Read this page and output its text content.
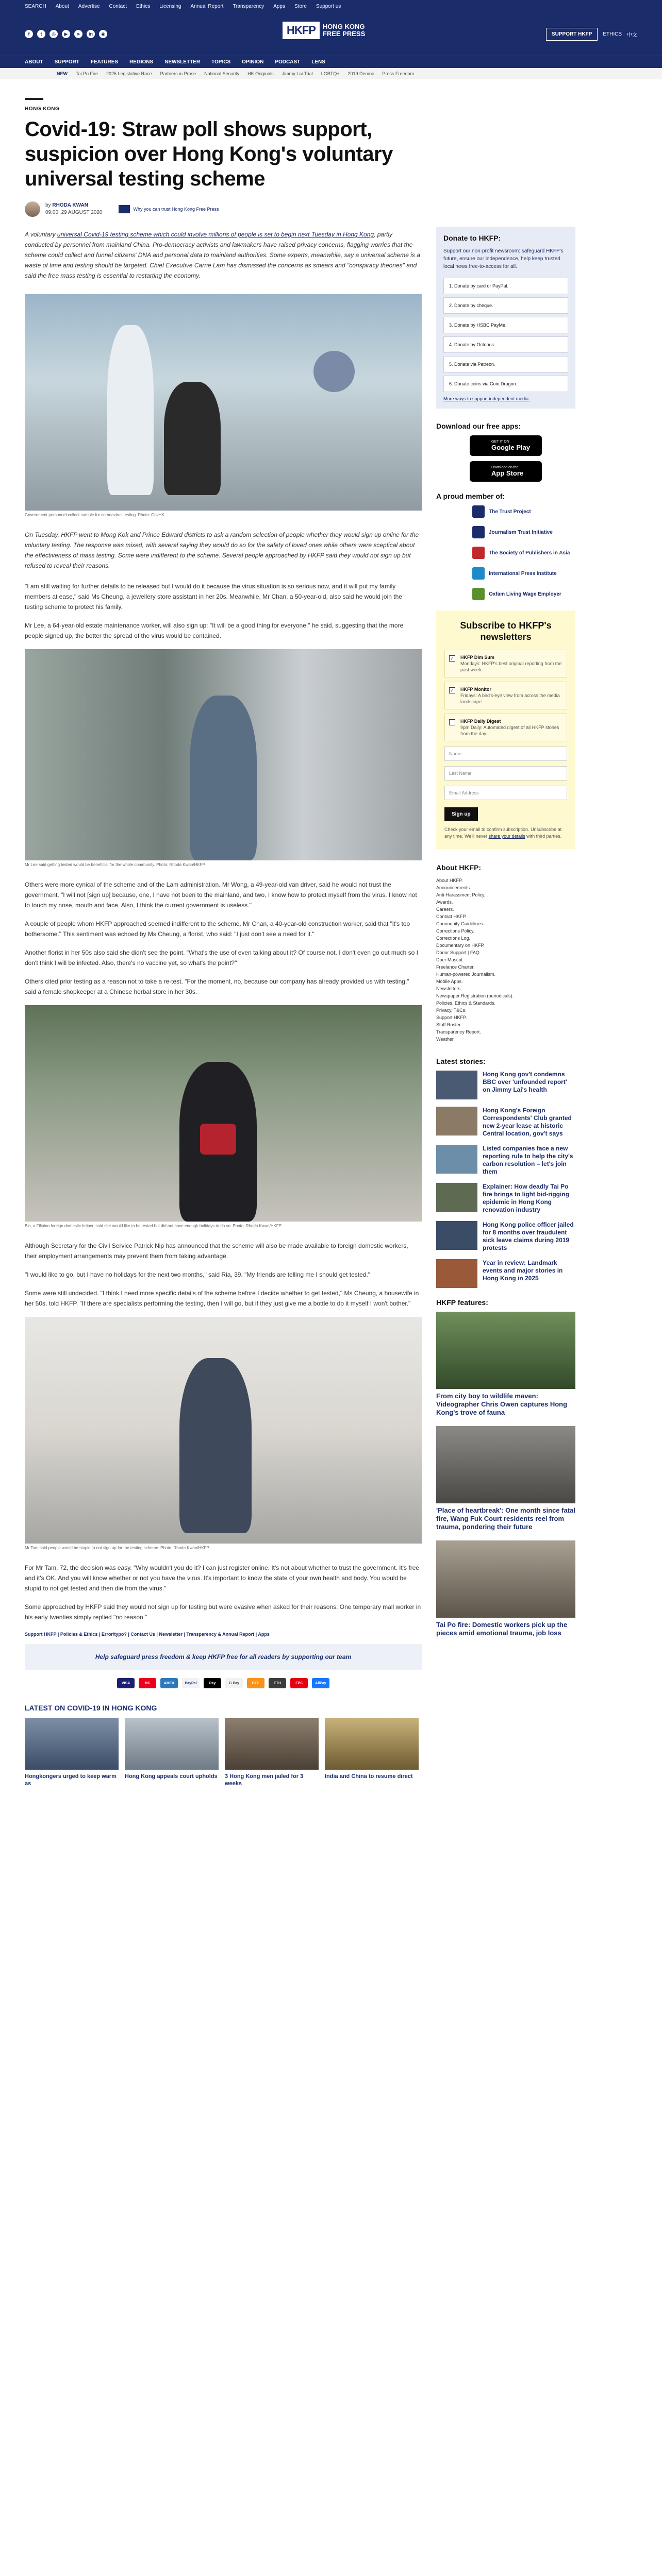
SEARCH About Advertise Contact Ethics Licensing Annual Report Transparency Apps Store Support us
f	t	◎	▶	➤	in	◉	HKFP	HONG KONG
FREE PRESS	SUPPORT HKFP	ETHICS 中文
ABOUT SUPPORT FEATURES REGIONS NEWSLETTER TOPICS OPINION PODCAST LENS
NEW Tai Po Fire 2025 Legislative Race Partners in Prose National Security HK Originals Jimmy Lai Trial LGBTQ+ 2019 Democ Press Freedom
HONG KONG
Covid-19: Straw poll shows support, suspicion over Hong Kong's voluntary universal testing scheme
by RHODA KWAN
09:00, 29 AUGUST 2020
Why you can trust Hong Kong Free Press

A voluntary universal Covid-19 testing scheme which could involve millions of people is set to begin next Tuesday in Hong Kong, partly conducted by personnel from mainland China. Pro-democracy activists and lawmakers have raised privacy concerns, flagging worries that the scheme could collect and funnel citizens' DNA and personal data to mainland authorities. Some experts, meanwhile, say a universal scheme is a waste of time and testing should be targeted. Chief Executive Carrie Lam has dismissed the concerns as smears and "conspiracy theories" and said the free mass testing is essential to restarting the economy.

Government personnel collect sample for coronavirus testing. Photo: GovHK.

On Tuesday, HKFP went to Mong Kok and Prince Edward districts to ask a random selection of people whether they would sign up online for the voluntary testing. The response was mixed, with several saying they would do so for the safety of loved ones while others were sceptical about the effectiveness of mass testing. Some were indifferent to the scheme. Several people approached by HKFP said they would not sign up but refused to reveal their reasons.

"I am still waiting for further details to be released but I would do it because the virus situation is so serious now, and it will put my family members at ease," said Ms Cheung, a jewellery store assistant in her 20s. Meanwhile, Mr Chan, a 50-year-old, also said he would join the testing scheme to protect his family.

Mr Lee, a 64-year-old estate maintenance worker, will also sign up: "It will be a good thing for everyone," he said, suggesting that the more people signed up, the better the spread of the virus would be contained.

Mr Lee said getting tested would be beneficial for the whole community. Photo: Rhoda Kwan/HKFP.

Others were more cynical of the scheme and of the Lam administration. Mr Wong, a 49-year-old van driver, said he would not trust the government. "I will not [sign up] because, one, I have not been to the mainland, and two, I know how to protect myself from the virus. I know not to touch my nose, mouth and face. Also, I think the current government is useless."

A couple of people whom HKFP approached seemed indifferent to the scheme. Mr Chan, a 40-year-old construction worker, said that "it's too bothersome." This sentiment was echoed by Ms Cheung, a florist, who said: "I just don't see a need for it."

Another florist in her 50s also said she didn't see the point. "What's the use of even talking about it? Of course not. I don't even go out much so I don't think I will be infected. Also, there's no vaccine yet, so what's the point?"

Others cited prior testing as a reason not to take a re-test. "For the moment, no, because our company has already provided us with testing," said a female shopkeeper at a Chinese herbal store in her 30s.

Bia, a Filipino foreign domestic helper, said she would like to be tested but did not have enough holidays to do so. Photo: Rhoda Kwan/HKFP.

Although Secretary for the Civil Service Patrick Nip has announced that the scheme will also be made available to foreign domestic workers, their employment arrangements may prevent them from taking advantage.

"I would like to go, but I have no holidays for the next two months," said Ria, 39. "My friends are telling me I should get tested."

Some were still undecided. "I think I need more specific details of the scheme before I decide whether to get tested," Ms Cheung, a housewife in her 50s, told HKFP. "If there are specialists performing the testing, then I will go, but if they just give me a bottle to do it myself I won't bother."

Mr Tam said people would be stupid to not sign up for the testing scheme. Photo: Rhoda Kwan/HKFP.

For Mr Tam, 72, the decision was easy. "Why wouldn't you do it? I can just register online. It's not about whether to trust the government. It's free and it's OK. And you will know whether or not you have the virus. It's important to know the state of your own health and body. You would be stupid to not get tested and then die from the virus."

Some approached by HKFP said they would not sign up for testing but were evasive when asked for their reasons. One temporary mall worker in his early twenties simply replied "no reason."

Support HKFP | Policies & Ethics | Error/typo? | Contact Us | Newsletter | Transparency & Annual Report | Apps
Help safeguard press freedom & keep HKFP free for all readers by supporting our team
VISA	MC	AMEX	PayPal	Pay	G Pay	BTC	ETH	FPS	AliPay
LATEST ON COVID-19 IN HONG KONG
Hongkongers urged to keep warm as
Hong Kong appeals court upholds 3 Hong Kong men jailed for 3 weeks
India and China to resume direct
Donate to HKFP:
Support our non-profit newsroom: safeguard HKFP's future, ensure our independence, help keep trusted local news free-to-access for all.
1. Donate by card or PayPal.
2. Donate by cheque.
3. Donate by HSBC PayMe.
4. Donate by Octopus.
5. Donate via Patreon.
6. Donate coins via Coin Dragon.
More ways to support independent media.
Download our free apps:
GET IT ON
Google Play
Download on the
App Store
A proud member of:
The Trust Project
Journalism Trust Initiative
The Society of Publishers in Asia
International Press Institute
Oxfam Living Wage Employer
Subscribe to HKFP's newsletters
✓ HKFP Dim Sum
Mondays: HKFP's best original reporting from the past week.
✓ HKFP Monitor
Fridays: A bird's-eye view from across the media landscape.
HKFP Daily Digest
9pm Daily: Automated digest of all HKFP stories from the day.
Name
Last Name
Email Address
Sign up
Check your email to confirm subscription. Unsubscribe at any time. We'll never share your details with third parties.
About HKFP:
About HKFP.
Announcements.
Anti-Harassment Policy.
Awards.
Careers.
Contact HKFP.
Community Guidelines.
Corrections Policy.
Corrections Log.
Documentary on HKFP.
Donor Support | FAQ.
Doer Mascot.
Freelance Charter.
Human-powered Journalism.
Mobile Apps.
Newsletters.
Newspaper Registration (periodicals).
Policies, Ethics & Standards.
Privacy, T&Cs.
Support HKFP.
Staff Roster.
Transparency Report.
Weather.
Latest stories:
Hong Kong gov't condemns BBC over 'unfounded report' on Jimmy Lai's health
Hong Kong's Foreign Correspondents' Club granted new 2-year lease at historic Central location, gov't says
Listed companies face a new reporting rule to help the city's carbon resolution – let's join them
Explainer: How deadly Tai Po fire brings to light bid-rigging epidemic in Hong Kong renovation industry
Hong Kong police officer jailed for 8 months over fraudulent sick leave claims during 2019 protests
Year in review: Landmark events and major stories in Hong Kong in 2025
HKFP features:
From city boy to wildlife maven: Videographer Chris Owen captures Hong Kong's trove of fauna
'Place of heartbreak': One month since fatal fire, Wang Fuk Court residents reel from trauma, pondering their future
Tai Po fire: Domestic workers pick up the pieces amid emotional trauma, job loss
